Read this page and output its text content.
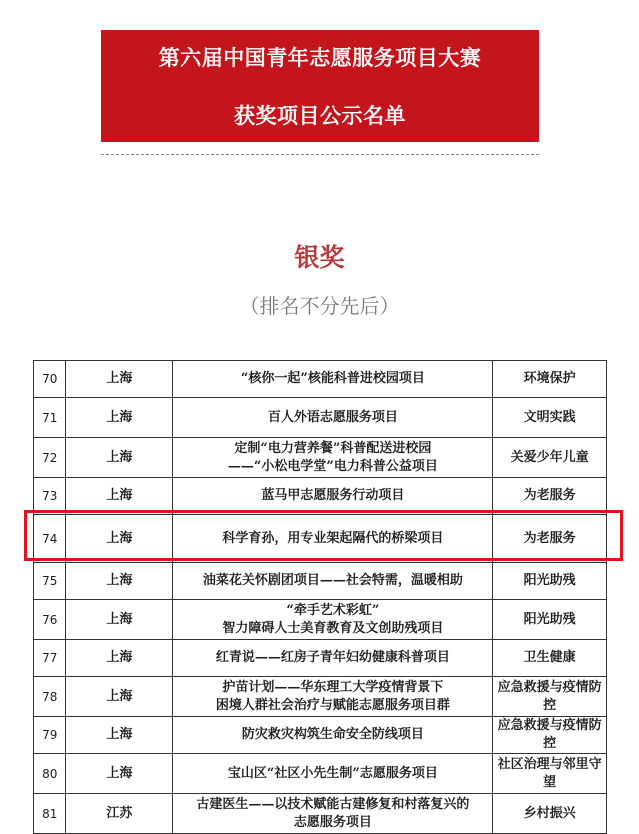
第六届中国青年志愿服务项目大赛
获奖项目公示名单
银奖
（排名不分先后）
70	上海	“核你一起”核能科普进校园项目	环境保护

71	上海	百人外语志愿服务项目	文明实践

72	上海	定制“电力营养餐”科普配送进校园
——“小松电学堂”电力科普公益项目	关爱少年儿童

73	上海	蓝马甲志愿服务行动项目	为老服务

74	上海	科学育孙，用专业架起隔代的桥梁项目	为老服务

75	上海	油菜花关怀剧团项目——社会特需，温暖相助	阳光助残

76	上海	“牵手艺术彩虹”
智力障碍人士美育教育及文创助残项目	阳光助残

77	上海	红青说——红房子青年妇幼健康科普项目	卫生健康

78	上海	护苗计划——华东理工大学疫情背景下
困境人群社会治疗与赋能志愿服务项目群	应急救援与疫情防控

79	上海	防灾救灾构筑生命安全防线项目	应急救援与疫情防控

80	上海	宝山区“社区小先生制”志愿服务项目	社区治理与邻里守望

81	江苏	古建医生——以技术赋能古建修复和村落复兴的
志愿服务项目	乡村振兴
